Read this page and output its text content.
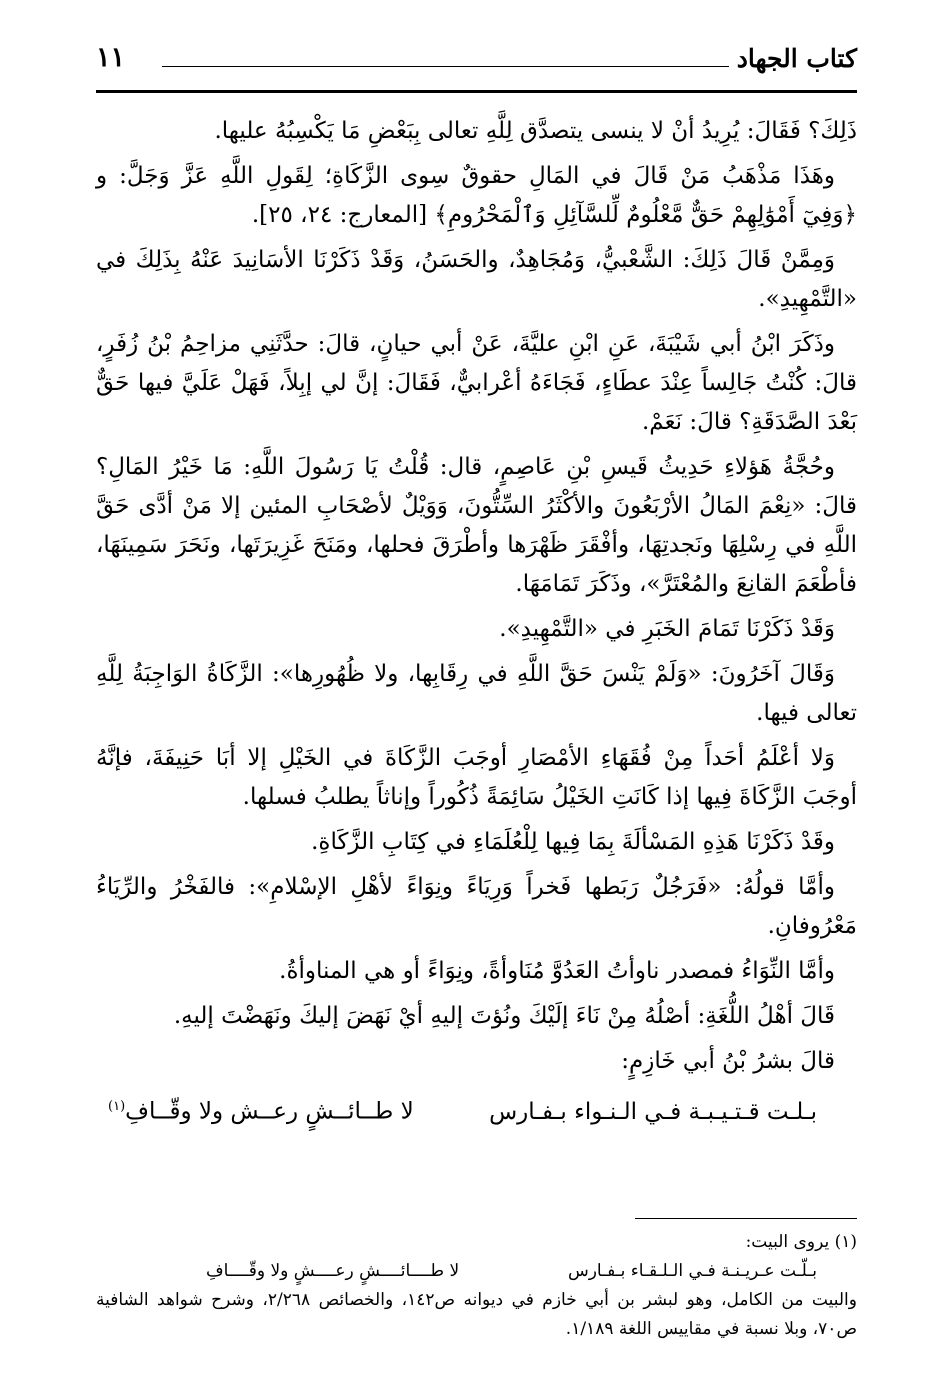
كتاب الجهاد
١١

ذَلِكَ؟ فَقَالَ: يُرِيدُ أنْ لا ينسى يتصدَّق لِلَّهِ تعالى بِبَعْضِ مَا يَكْسِبُهُ عليها.

وهَذَا مَذْهَبُ مَنْ قَالَ في المَالِ حقوقٌ سِوى الزَّكَاةِ؛ لِقَولِ اللَّهِ عَزَّ وَجَلَّ: و ﴿وَفِيٓ أَمْوَٰلِهِمْ حَقٌّ مَّعْلُومٌ لِّلسَّآئِلِ وَٱلْمَحْرُومِ﴾ [المعارج: ٢٤، ٢٥].

وَمِمَّنْ قَالَ ذَلِكَ: الشَّعْبيُّ، وَمُجَاهِدٌ، والحَسَنُ، وَقَدْ ذَكَرْنَا الأسَانِيدَ عَنْهُ بِذَلِكَ في «التَّمْهِيدِ».

وذَكَرَ ابْنُ أبي شَيْبَةَ، عَنِ ابْنِ عليَّةَ، عَنْ أبي حيانٍ، قالَ: حدَّثَنِي مزاحِمُ بْنُ زُفَرٍ، قالَ: كُنْتُ جَالِساً عِنْدَ عطَاءٍ، فَجَاءَهُ أعْرابيٌّ، فَقَالَ: إنَّ لي إبِلاً، فَهَلْ عَلَيَّ فيها حَقٌّ بَعْدَ الصَّدَقَةِ؟ قالَ: نَعَمْ.

وحُجَّةُ هَؤلاءِ حَدِيثُ قَيسِ بْنِ عَاصِمٍ، قال: قُلْتُ يَا رَسُولَ اللَّهِ: مَا خَيْرُ المَالِ؟ قالَ: «نِعْمَ المَالُ الأرْبَعُونَ والأكْثَرُ السِّتُّونَ، وَوَيْلٌ لأصْحَابِ المئين إلا مَنْ أدَّى حَقَّ اللَّهِ في رِسْلِهَا ونَجدتِهَا، وأفْقَرَ ظَهْرَها وأطْرَقَ فحلها، ومَنَحَ غَزِيرَتَها، ونَحَرَ سَمِينَهَا، فأطْعَمَ القانِعَ والمُعْتَرَّ»، وذَكَرَ تَمَامَهَا.

وَقَدْ ذَكَرْنَا تَمَامَ الخَبَرِ في «التَّمْهِيدِ».

وَقَالَ آخَرُونَ: «وَلَمْ يَنْسَ حَقَّ اللَّهِ في رِقَابِها، ولا ظُهُورِها»: الزَّكَاةُ الوَاجِبَةُ لِلَّهِ تعالى فيها.

وَلا أعْلَمُ أحَداً مِنْ فُقَهَاءِ الأمْصَارِ أوجَبَ الزَّكَاةَ في الخَيْلِ إلا أبَا حَنِيفَةَ، فإنَّهُ أوجَبَ الزَّكَاةَ فِيها إذا كَانَتِ الخَيْلُ سَائِمَةً ذُكُوراً وإناثاً يطلبُ فسلها.

وقَدْ ذَكَرْنَا هَذِهِ المَسْألَةَ بِمَا فِيها لِلْعُلَمَاءِ في كِتَابِ الزَّكَاةِ.

وأمَّا قولُهُ: «فَرَجُلٌ رَبَطها فَخراً وَرِيَاءً ونِوَاءً لأهْلِ الإسْلامِ»: فالفَخْرُ والرِّيَاءُ مَعْرُوفانِ.

وأمَّا النِّوَاءُ فمصدر ناوأتُ العَدُوَّ مُنَاوأةً، ونِوَاءً أو هي المناوأةُ.

قَالَ أهْلُ اللُّغَةِ: أصْلُهُ مِنْ نَاءَ إلَيْكَ ونُؤتَ إليهِ أيْ نَهَضَ إليكَ ونَهَضْتَ إليهِ.

قالَ بشرُ بْنُ أبي خَازِمٍ:

بـلـت قـتـيـبـة فـي الـنـواء بـفـارس
لا طــائــشٍ رعــش ولا وقّــافِ$^{(١)}$

(١) يروى البيت:

بـلّـت عـريـنـة فـي الـلـقـاء بـفـارس
لا طــــائــــشٍ رعــــشٍ ولا وقّــــافِ

والبيت من الكامل، وهو لبشر بن أبي خازم في ديوانه ص١٤٢، والخصائص ٢/٢٦٨، وشرح شواهد الشافية ص٧٠، وبلا نسبة في مقاييس اللغة ١/١٨٩.
